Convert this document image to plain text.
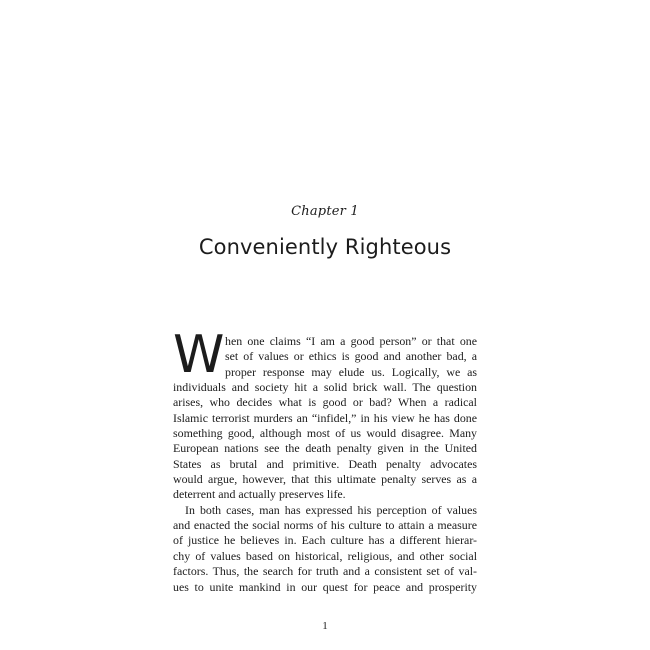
Chapter 1
Conveniently Righteous
W hen one claims “I am a good person” or that one
set of values or ethics is good and another bad, a
proper response may elude us. Logically, we as
individuals and society hit a solid brick wall. The question
arises, who decides what is good or bad? When a radical
Islamic terrorist murders an “infidel,” in his view he has done
something good, although most of us would disagree. Many
European nations see the death penalty given in the United
States as brutal and primitive. Death penalty advocates
would argue, however, that this ultimate penalty serves as a
deterrent and actually preserves life.
In both cases, man has expressed his perception of values
and enacted the social norms of his culture to attain a measure
of justice he believes in. Each culture has a different hierar-
chy of values based on historical, religious, and other social
factors. Thus, the search for truth and a consistent set of val-
ues to unite mankind in our quest for peace and prosperity
1
